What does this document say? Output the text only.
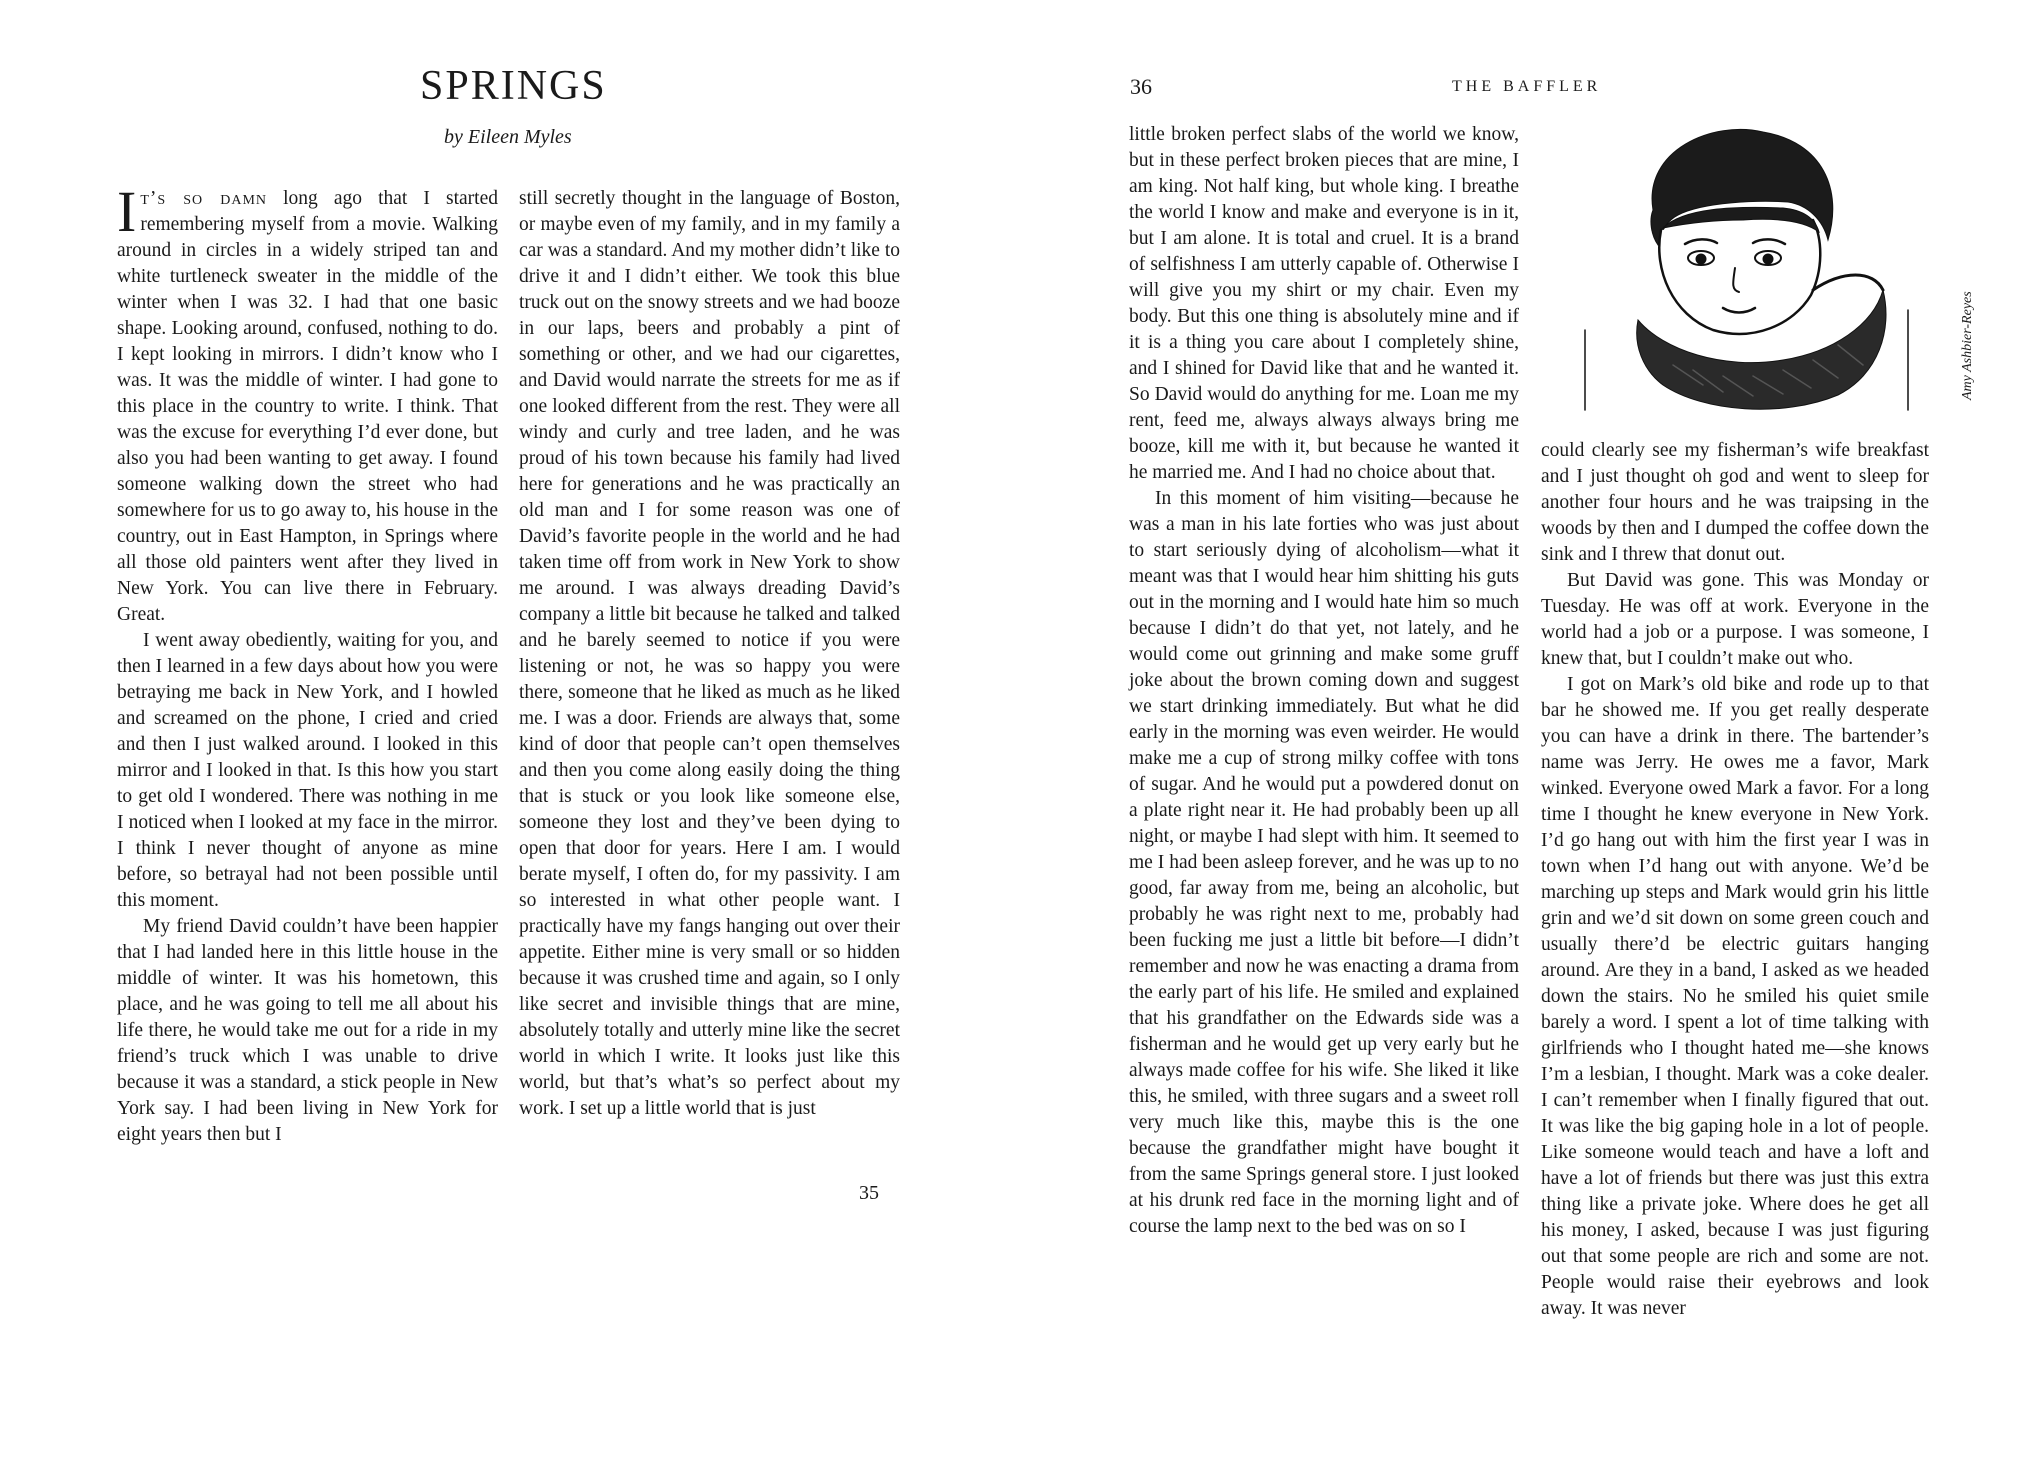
SPRINGS

by Eileen Myles

It’s so damn long ago that I started remembering myself from a movie. Walking around in circles in a widely striped tan and white turtleneck sweater in the middle of the winter when I was 32. I had that one basic shape. Looking around, confused, nothing to do. I kept looking in mirrors. I didn’t know who I was. It was the middle of winter. I had gone to this place in the country to write. I think. That was the excuse for everything I’d ever done, but also you had been wanting to get away. I found someone walking down the street who had somewhere for us to go away to, his house in the country, out in East Hampton, in Springs where all those old painters went after they lived in New York. You can live there in February. Great.

I went away obediently, waiting for you, and then I learned in a few days about how you were betraying me back in New York, and I howled and screamed on the phone, I cried and cried and then I just walked around. I looked in this mirror and I looked in that. Is this how you start to get old I wondered. There was nothing in me I noticed when I looked at my face in the mirror. I think I never thought of anyone as mine before, so betrayal had not been possible until this moment.

My friend David couldn’t have been happier that I had landed here in this little house in the middle of winter. It was his hometown, this place, and he was going to tell me all about his life there, he would take me out for a ride in my friend’s truck which I was unable to drive because it was a standard, a stick people in New York say. I had been living in New York for eight years then but I

still secretly thought in the language of Boston, or maybe even of my family, and in my family a car was a standard. And my mother didn’t like to drive it and I didn’t either. We took this blue truck out on the snowy streets and we had booze in our laps, beers and probably a pint of something or other, and we had our cigarettes, and David would narrate the streets for me as if one looked different from the rest. They were all windy and curly and tree laden, and he was proud of his town because his family had lived here for generations and he was practically an old man and I for some reason was one of David’s favorite people in the world and he had taken time off from work in New York to show me around. I was always dreading David’s company a little bit because he talked and talked and he barely seemed to notice if you were listening or not, he was so happy you were there, someone that he liked as much as he liked me. I was a door. Friends are always that, some kind of door that people can’t open themselves and then you come along easily doing the thing that is stuck or you look like someone else, someone they lost and they’ve been dying to open that door for years. Here I am. I would berate myself, I often do, for my passivity. I am so interested in what other people want. I practically have my fangs hanging out over their appetite. Either mine is very small or so hidden because it was crushed time and again, so I only like secret and invisible things that are mine, absolutely totally and utterly mine like the secret world in which I write. It looks just like this world, but that’s what’s so perfect about my work. I set up a little world that is just

35
36	THE BAFFLER

little broken perfect slabs of the world we know, but in these perfect broken pieces that are mine, I am king. Not half king, but whole king. I breathe the world I know and make and everyone is in it, but I am alone. It is total and cruel. It is a brand of selfishness I am utterly capable of. Otherwise I will give you my shirt or my chair. Even my body. But this one thing is absolutely mine and if it is a thing you care about I completely shine, and I shined for David like that and he wanted it. So David would do anything for me. Loan me my rent, feed me, always always always bring me booze, kill me with it, but because he wanted it he married me. And I had no choice about that.

In this moment of him visiting—because he was a man in his late forties who was just about to start seriously dying of alcoholism—what it meant was that I would hear him shitting his guts out in the morning and I would hate him so much because I didn’t do that yet, not lately, and he would come out grinning and make some gruff joke about the brown coming down and suggest we start drinking immediately. But what he did early in the morning was even weirder. He would make me a cup of strong milky coffee with tons of sugar. And he would put a powdered donut on a plate right near it. He had probably been up all night, or maybe I had slept with him. It seemed to me I had been asleep forever, and he was up to no good, far away from me, being an alcoholic, but probably he was right next to me, probably had been fucking me just a little bit before—I didn’t remember and now he was enacting a drama from the early part of his life. He smiled and explained that his grandfather on the Edwards side was a fisherman and he would get up very early but he always made coffee for his wife. She liked it like this, he smiled, with three sugars and a sweet roll very much like this, maybe this is the one because the grandfather might have bought it from the same Springs general store. I just looked at his drunk red face in the morning light and of course the lamp next to the bed was on so I

Amy Ashbier-Reyes

could clearly see my fisherman’s wife breakfast and I just thought oh god and went to sleep for another four hours and he was traipsing in the woods by then and I dumped the coffee down the sink and I threw that donut out.

But David was gone. This was Monday or Tuesday. He was off at work. Everyone in the world had a job or a purpose. I was someone, I knew that, but I couldn’t make out who.

I got on Mark’s old bike and rode up to that bar he showed me. If you get really desperate you can have a drink in there. The bartender’s name was Jerry. He owes me a favor, Mark winked. Everyone owed Mark a favor. For a long time I thought he knew everyone in New York. I’d go hang out with him the first year I was in town when I’d hang out with anyone. We’d be marching up steps and Mark would grin his little grin and we’d sit down on some green couch and usually there’d be electric guitars hanging around. Are they in a band, I asked as we headed down the stairs. No he smiled his quiet smile barely a word. I spent a lot of time talking with girlfriends who I thought hated me—she knows I’m a lesbian, I thought. Mark was a coke dealer. I can’t remember when I finally figured that out. It was like the big gaping hole in a lot of people. Like someone would teach and have a loft and have a lot of friends but there was just this extra thing like a private joke. Where does he get all his money, I asked, because I was just figuring out that some people are rich and some are not. People would raise their eyebrows and look away. It was never
